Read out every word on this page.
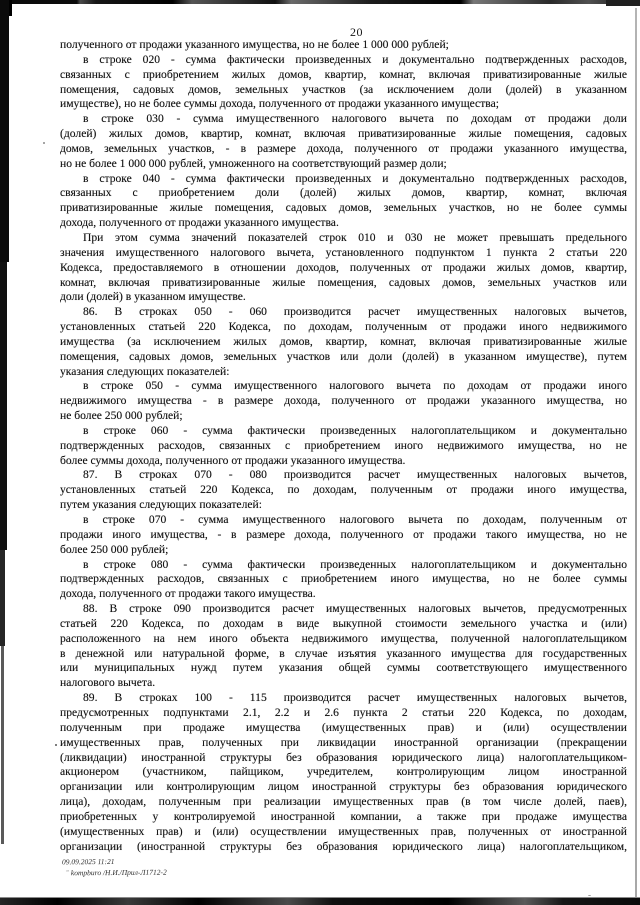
20
полученного от продажи указанного имущества, но не более 1 000 000 рублей;
в строке 020 - сумма фактически произведенных и документально подтвержденных расходов,
связанных с приобретением жилых домов, квартир, комнат, включая приватизированные жилые
помещения, садовых домов, земельных участков (за исключением доли (долей) в указанном
имуществе), но не более суммы дохода, полученного от продажи указанного имущества;
в строке 030 - сумма имущественного налогового вычета по доходам от продажи доли
(долей) жилых домов, квартир, комнат, включая приватизированные жилые помещения, садовых
домов, земельных участков, - в размере дохода, полученного от продажи указанного имущества,
но не более 1 000 000 рублей, умноженного на соответствующий размер доли;
в строке 040 - сумма фактически произведенных и документально подтвержденных расходов,
связанных с приобретением доли (долей) жилых домов, квартир, комнат, включая
приватизированные жилые помещения, садовых домов, земельных участков, но не более суммы
дохода, полученного от продажи указанного имущества.
При этом сумма значений показателей строк 010 и 030 не может превышать предельного
значения имущественного налогового вычета, установленного подпунктом 1 пункта 2 статьи 220
Кодекса, предоставляемого в отношении доходов, полученных от продажи жилых домов, квартир,
комнат, включая приватизированные жилые помещения, садовых домов, земельных участков или
доли (долей) в указанном имуществе.
86. В строках 050 - 060 производится расчет имущественных налоговых вычетов,
установленных статьей 220 Кодекса, по доходам, полученным от продажи иного недвижимого
имущества (за исключением жилых домов, квартир, комнат, включая приватизированные жилые
помещения, садовых домов, земельных участков или доли (долей) в указанном имуществе), путем
указания следующих показателей:
в строке 050 - сумма имущественного налогового вычета по доходам от продажи иного
недвижимого имущества - в размере дохода, полученного от продажи указанного имущества, но
не более 250 000 рублей;
в строке 060 - сумма фактически произведенных налогоплательщиком и документально
подтвержденных расходов, связанных с приобретением иного недвижимого имущества, но не
более суммы дохода, полученного от продажи указанного имущества.
87. В строках 070 - 080 производится расчет имущественных налоговых вычетов,
установленных статьей 220 Кодекса, по доходам, полученным от продажи иного имущества,
путем указания следующих показателей:
в строке 070 - сумма имущественного налогового вычета по доходам, полученным от
продажи иного имущества, - в размере дохода, полученного от продажи такого имущества, но не
более 250 000 рублей;
в строке 080 - сумма фактически произведенных налогоплательщиком и документально
подтвержденных расходов, связанных с приобретением иного имущества, но не более суммы
дохода, полученного от продажи такого имущества.
88. В строке 090 производится расчет имущественных налоговых вычетов, предусмотренных
статьей 220 Кодекса, по доходам в виде выкупной стоимости земельного участка и (или)
расположенного на нем иного объекта недвижимого имущества, полученной налогоплательщиком
в денежной или натуральной форме, в случае изъятия указанного имущества для государственных
или муниципальных нужд путем указания общей суммы соответствующего имущественного
налогового вычета.
89. В строках 100 - 115 производится расчет имущественных налоговых вычетов,
предусмотренных подпунктами 2.1, 2.2 и 2.6 пункта 2 статьи 220 Кодекса, по доходам,
полученным при продаже имущества (имущественных прав) и (или) осуществлении
имущественных прав, полученных при ликвидации иностранной организации (прекращении
(ликвидации) иностранной структуры без образования юридического лица) налогоплательщиком-
акционером (участником, пайщиком, учредителем, контролирующим лицом иностранной
организации или контролирующим лицом иностранной структуры без образования юридического
лица), доходам, полученным при реализации имущественных прав (в том числе долей, паев),
приобретенных у контролируемой иностранной компании, а также при продаже имущества
(имущественных прав) и (или) осуществлении имущественных прав, полученных от иностранной
организации (иностранной структуры без образования юридического лица) налогоплательщиком,
09.09.2025 11:21
– kompburo /Н.И./Прил-Л1712-2
